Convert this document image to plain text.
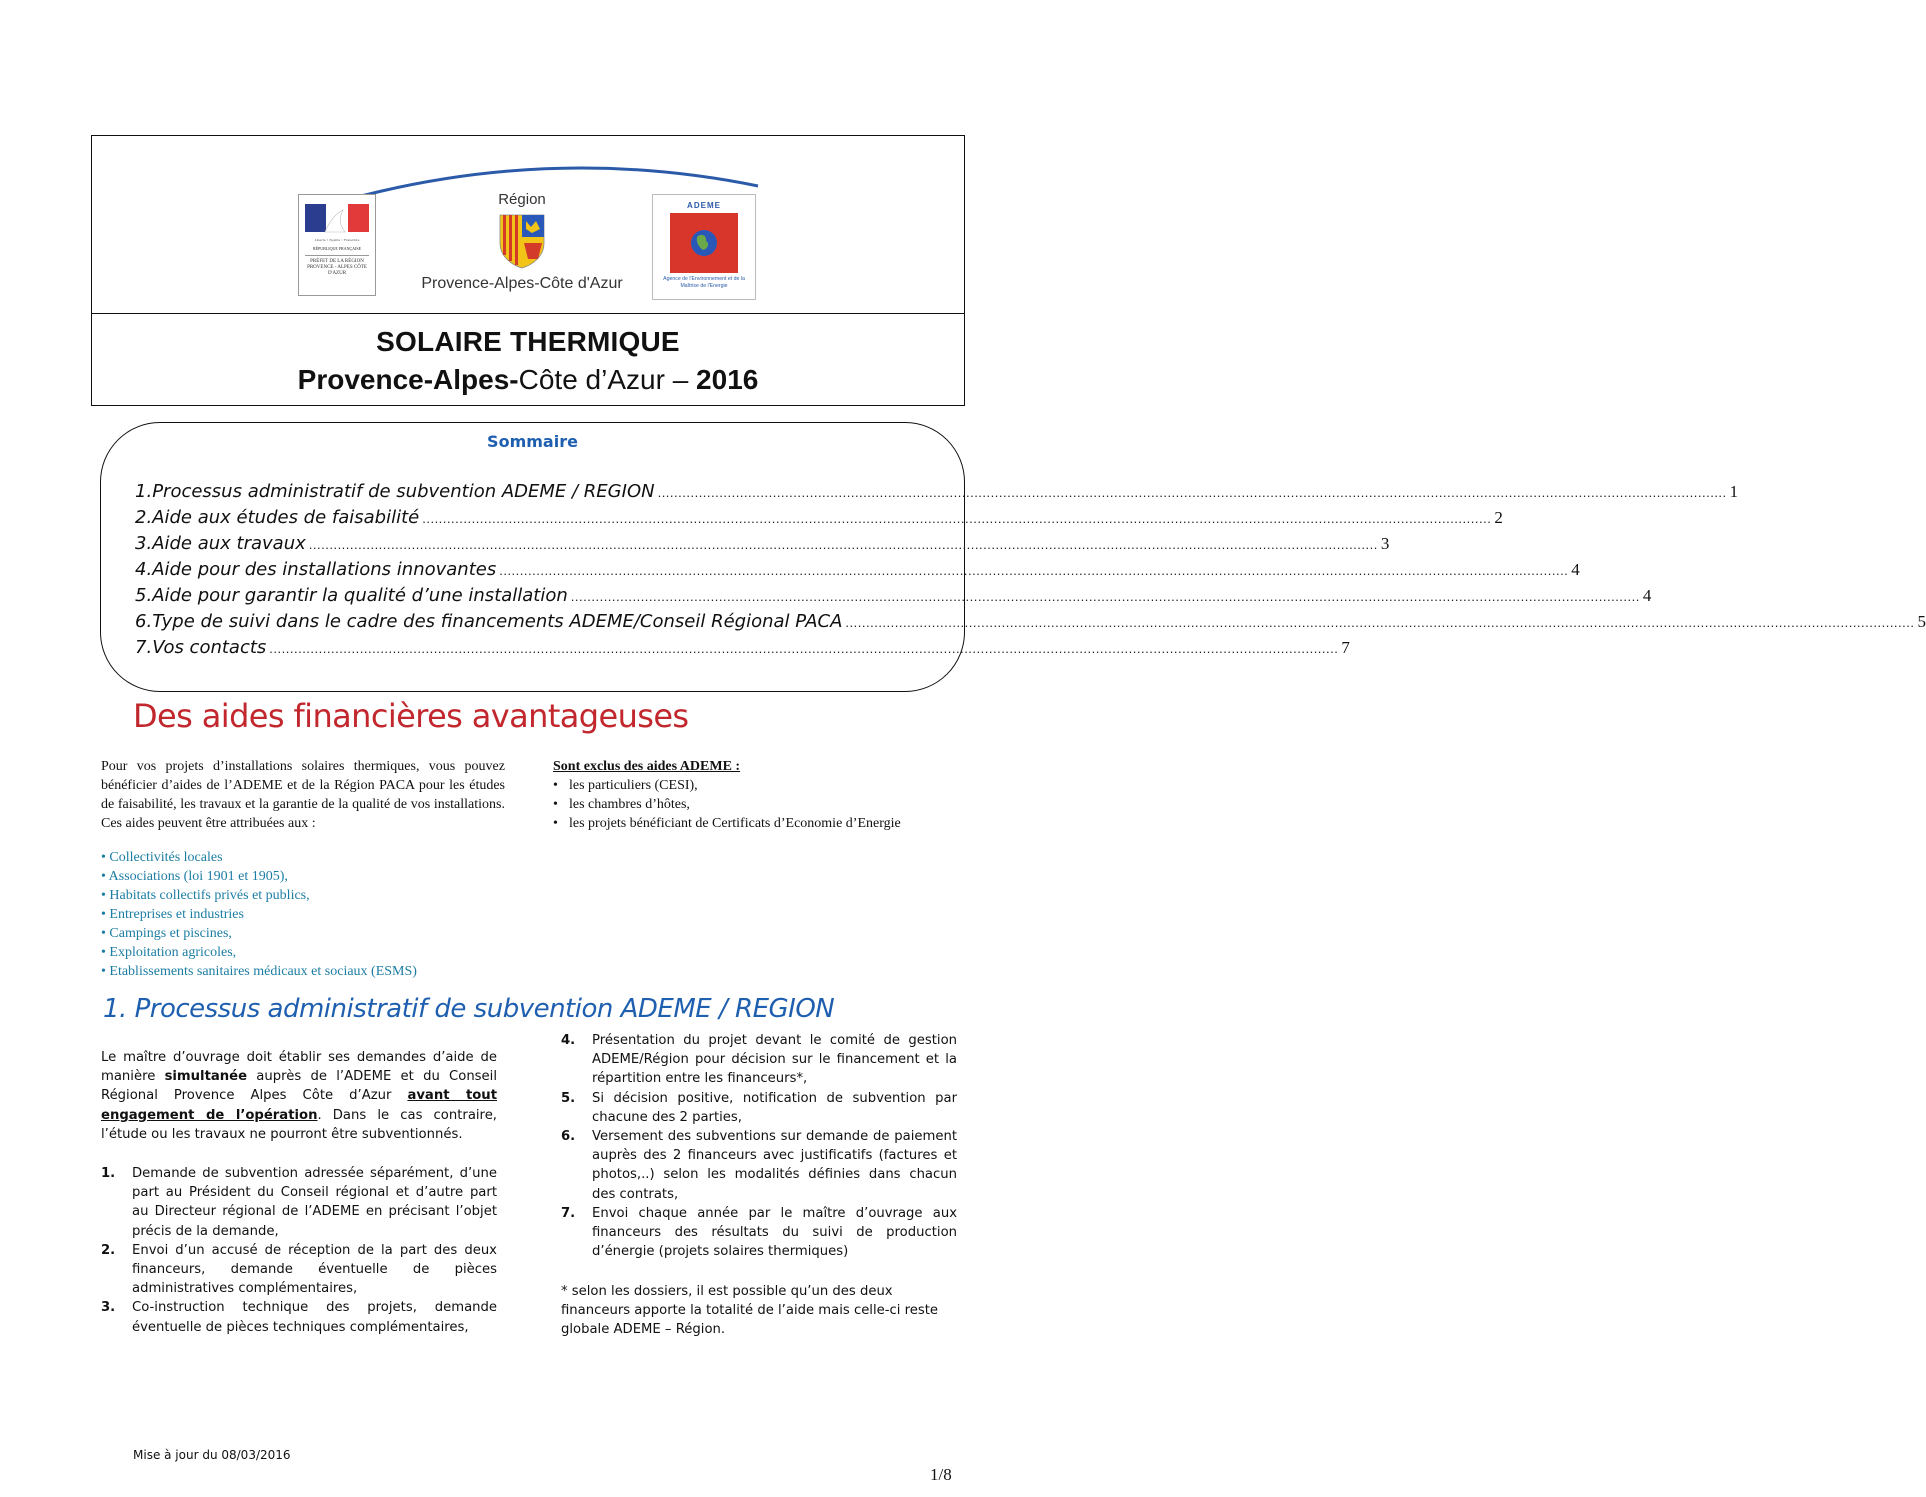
Liberté • Égalité • Fraternité
RÉPUBLIQUE FRANÇAISE
PRÉFET DE LA RÉGION PROVENCE - ALPES CÔTE D'AZUR
Région
Provence-Alpes-Côte d'Azur
ADEME
Agence de l'Environnement et de la Maîtrise de l'Energie
SOLAIRE THERMIQUE
Provence-Alpes-Côte d’Azur – 2016
Sommaire
1. Processus administratif de subvention ADEME / REGION .................................................................................................................................................................................................................................................................... 1
2. Aide aux études de faisabilité .................................................................................................................................................................................................................................................................... 2
3. Aide aux travaux .................................................................................................................................................................................................................................................................... 3
4. Aide pour des installations innovantes .................................................................................................................................................................................................................................................................... 4
5. Aide pour garantir la qualité d’une installation .................................................................................................................................................................................................................................................................... 4
6. Type de suivi dans le cadre des financements ADEME/Conseil Régional PACA .................................................................................................................................................................................................................................................................... 5
7. Vos contacts .................................................................................................................................................................................................................................................................... 7
Des aides financières avantageuses
Pour vos projets d’installations solaires thermiques, vous pouvez bénéficier d’aides de l’ADEME et de la Région PACA pour les études de faisabilité, les travaux et la garantie de la qualité de vos installations. Ces aides peuvent être attribuées aux :
• Collectivités locales
• Associations (loi 1901 et 1905),
• Habitats collectifs privés et publics,
• Entreprises et industries
• Campings et piscines,
• Exploitation agricoles,
• Etablissements sanitaires médicaux et sociaux (ESMS)
Sont exclus des aides ADEME :
• les particuliers (CESI),
• les chambres d’hôtes,
• les projets bénéficiant de Certificats d’Economie d’Energie
1. Processus administratif de subvention ADEME / REGION
Le maître d’ouvrage doit établir ses demandes d’aide de manière simultanée auprès de l’ADEME et du Conseil Régional Provence Alpes Côte d’Azur avant tout engagement de l’opération. Dans le cas contraire, l’étude ou les travaux ne pourront être subventionnés.
1. Demande de subvention adressée séparément, d’une part au Président du Conseil régional et d’autre part au Directeur régional de l’ADEME en précisant l’objet précis de la demande,
2. Envoi d’un accusé de réception de la part des deux financeurs, demande éventuelle de pièces administratives complémentaires,
3. Co-instruction technique des projets, demande éventuelle de pièces techniques complémentaires,
4. Présentation du projet devant le comité de gestion ADEME/Région pour décision sur le financement et la répartition entre les financeurs*,
5. Si décision positive, notification de subvention par chacune des 2 parties,
6. Versement des subventions sur demande de paiement auprès des 2 financeurs avec justificatifs (factures et photos,..) selon les modalités définies dans chacun des contrats,
7. Envoi chaque année par le maître d’ouvrage aux financeurs des résultats du suivi de production d’énergie (projets solaires thermiques)
* selon les dossiers, il est possible qu’un des deux financeurs apporte la totalité de l’aide mais celle-ci reste globale ADEME – Région.
Mise à jour du 08/03/2016
1/8
